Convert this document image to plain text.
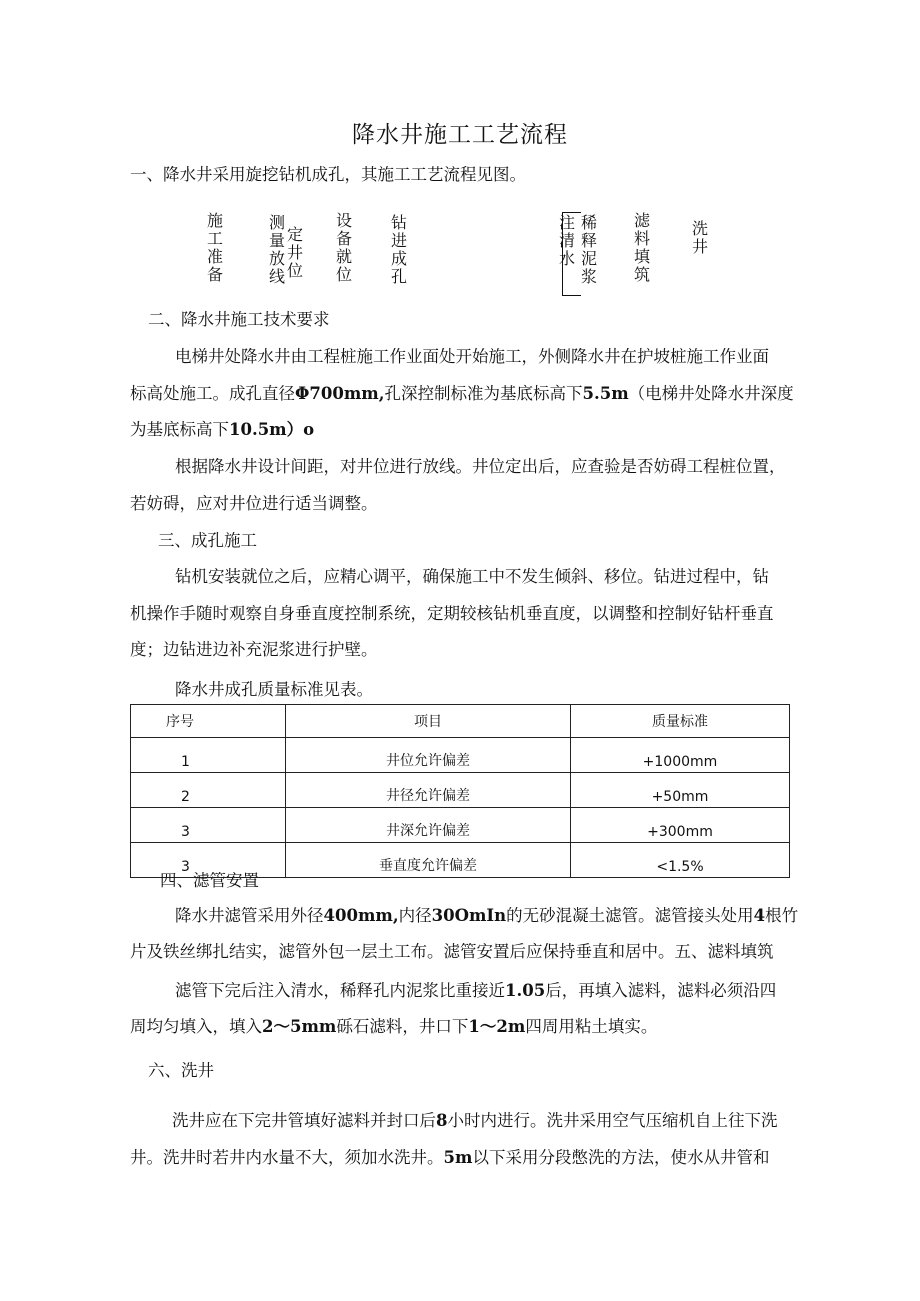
降水井施工工艺流程
一、降水井采用旋挖钻机成孔，其施工工艺流程见图。
施工准备
测量放线
定井位
设备就位
钻进成孔
注清水
稀释泥浆
滤料填筑
洗井
二、降水井施工技术要求
电梯井处降水井由工程桩施工作业面处开始施工，外侧降水井在护坡桩施工作业面
标高处施工。成孔直径Φ700mm,孔深控制标准为基底标高下5.5m（电梯井处降水井深度
为基底标高下10.5m）o
根据降水井设计间距，对井位进行放线。井位定出后，应查验是否妨碍工程桩位置，
若妨碍，应对井位进行适当调整。
三、成孔施工
钻机安装就位之后，应精心调平，确保施工中不发生倾斜、移位。钻进过程中，钻
机操作手随时观察自身垂直度控制系统，定期较核钻机垂直度，以调整和控制好钻杆垂直
度；边钻进边补充泥浆进行护壁。
降水井成孔质量标准见表。
序号	项目	质量标准
1	井位允许偏差	+1000mm
2	井径允许偏差	+50mm
3	井深允许偏差	+300mm
3	垂直度允许偏差	<1.5%
四、滤管安置
降水井滤管采用外径400mm,内径30OmIn的无砂混凝土滤管。滤管接头处用4根竹
片及铁丝绑扎结实，滤管外包一层土工布。滤管安置后应保持垂直和居中。五、滤料填筑
滤管下完后注入清水，稀释孔内泥浆比重接近1.05后，再填入滤料，滤料必须沿四
周均匀填入，填入2～5mm砾石滤料，井口下1～2m四周用粘土填实。
六、洗井
洗井应在下完井管填好滤料并封口后8小时内进行。洗井采用空气压缩机自上往下洗
井。洗井时若井内水量不大，须加水洗井。5m以下采用分段憋洗的方法，使水从井管和
